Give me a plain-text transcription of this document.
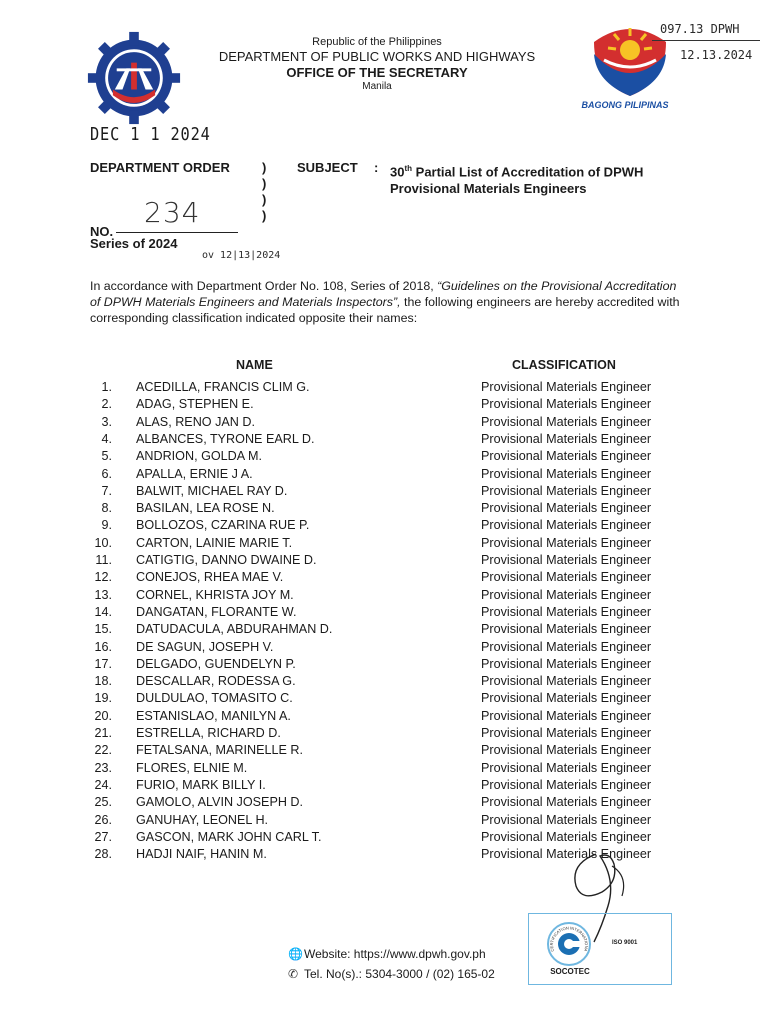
Republic of the Philippines
DEPARTMENT OF PUBLIC WORKS AND HIGHWAYS
OFFICE OF THE SECRETARY
Manila
BAGONG PILIPINAS
097.13 DPWH
12.13.2024
DEC 1 1 2024
DEPARTMENT ORDER )
)
)
)
SUBJECT : 30th Partial List of Accreditation of DPWH Provisional Materials Engineers
NO.
234
Series of 2024
ov 12|13|2024
In accordance with Department Order No. 108, Series of 2018, “Guidelines on the Provisional Accreditation of DPWH Materials Engineers and Materials Inspectors”, the following engineers are hereby accredited with corresponding classification indicated opposite their names:
NAME	CLASSIFICATION
1. ACEDILLA, FRANCIS CLIM G.	Provisional Materials Engineer
2. ADAG, STEPHEN E.	Provisional Materials Engineer
3. ALAS, RENO JAN D.	Provisional Materials Engineer
4. ALBANCES, TYRONE EARL D.	Provisional Materials Engineer
5. ANDRION, GOLDA M.	Provisional Materials Engineer
6. APALLA, ERNIE J A.	Provisional Materials Engineer
7. BALWIT, MICHAEL RAY D.	Provisional Materials Engineer
8. BASILAN, LEA ROSE N.	Provisional Materials Engineer
9. BOLLOZOS, CZARINA RUE P.	Provisional Materials Engineer
10. CARTON, LAINIE MARIE T.	Provisional Materials Engineer
11. CATIGTIG, DANNO DWAINE D.	Provisional Materials Engineer
12. CONEJOS, RHEA MAE V.	Provisional Materials Engineer
13. CORNEL, KHRISTA JOY M.	Provisional Materials Engineer
14. DANGATAN, FLORANTE W.	Provisional Materials Engineer
15. DATUDACULA, ABDURAHMAN D.	Provisional Materials Engineer
16. DE SAGUN, JOSEPH V.	Provisional Materials Engineer
17. DELGADO, GUENDELYN P.	Provisional Materials Engineer
18. DESCALLAR, RODESSA G.	Provisional Materials Engineer
19. DULDULAO, TOMASITO C.	Provisional Materials Engineer
20. ESTANISLAO, MANILYN A.	Provisional Materials Engineer
21. ESTRELLA, RICHARD D.	Provisional Materials Engineer
22. FETALSANA, MARINELLE R.	Provisional Materials Engineer
23. FLORES, ELNIE M.	Provisional Materials Engineer
24. FURIO, MARK BILLY I.	Provisional Materials Engineer
25. GAMOLO, ALVIN JOSEPH D.	Provisional Materials Engineer
26. GANUHAY, LEONEL H.	Provisional Materials Engineer
27. GASCON, MARK JOHN CARL T.	Provisional Materials Engineer
28. HADJI NAIF, HANIN M.	Provisional Materials Engineer
🌐Website: https://www.dpwh.gov.ph
✆ Tel. No(s).: 5304-3000 / (02) 165-02
CERTIFICATION INTERNATIONA
ISO 9001
SOCOTEC
